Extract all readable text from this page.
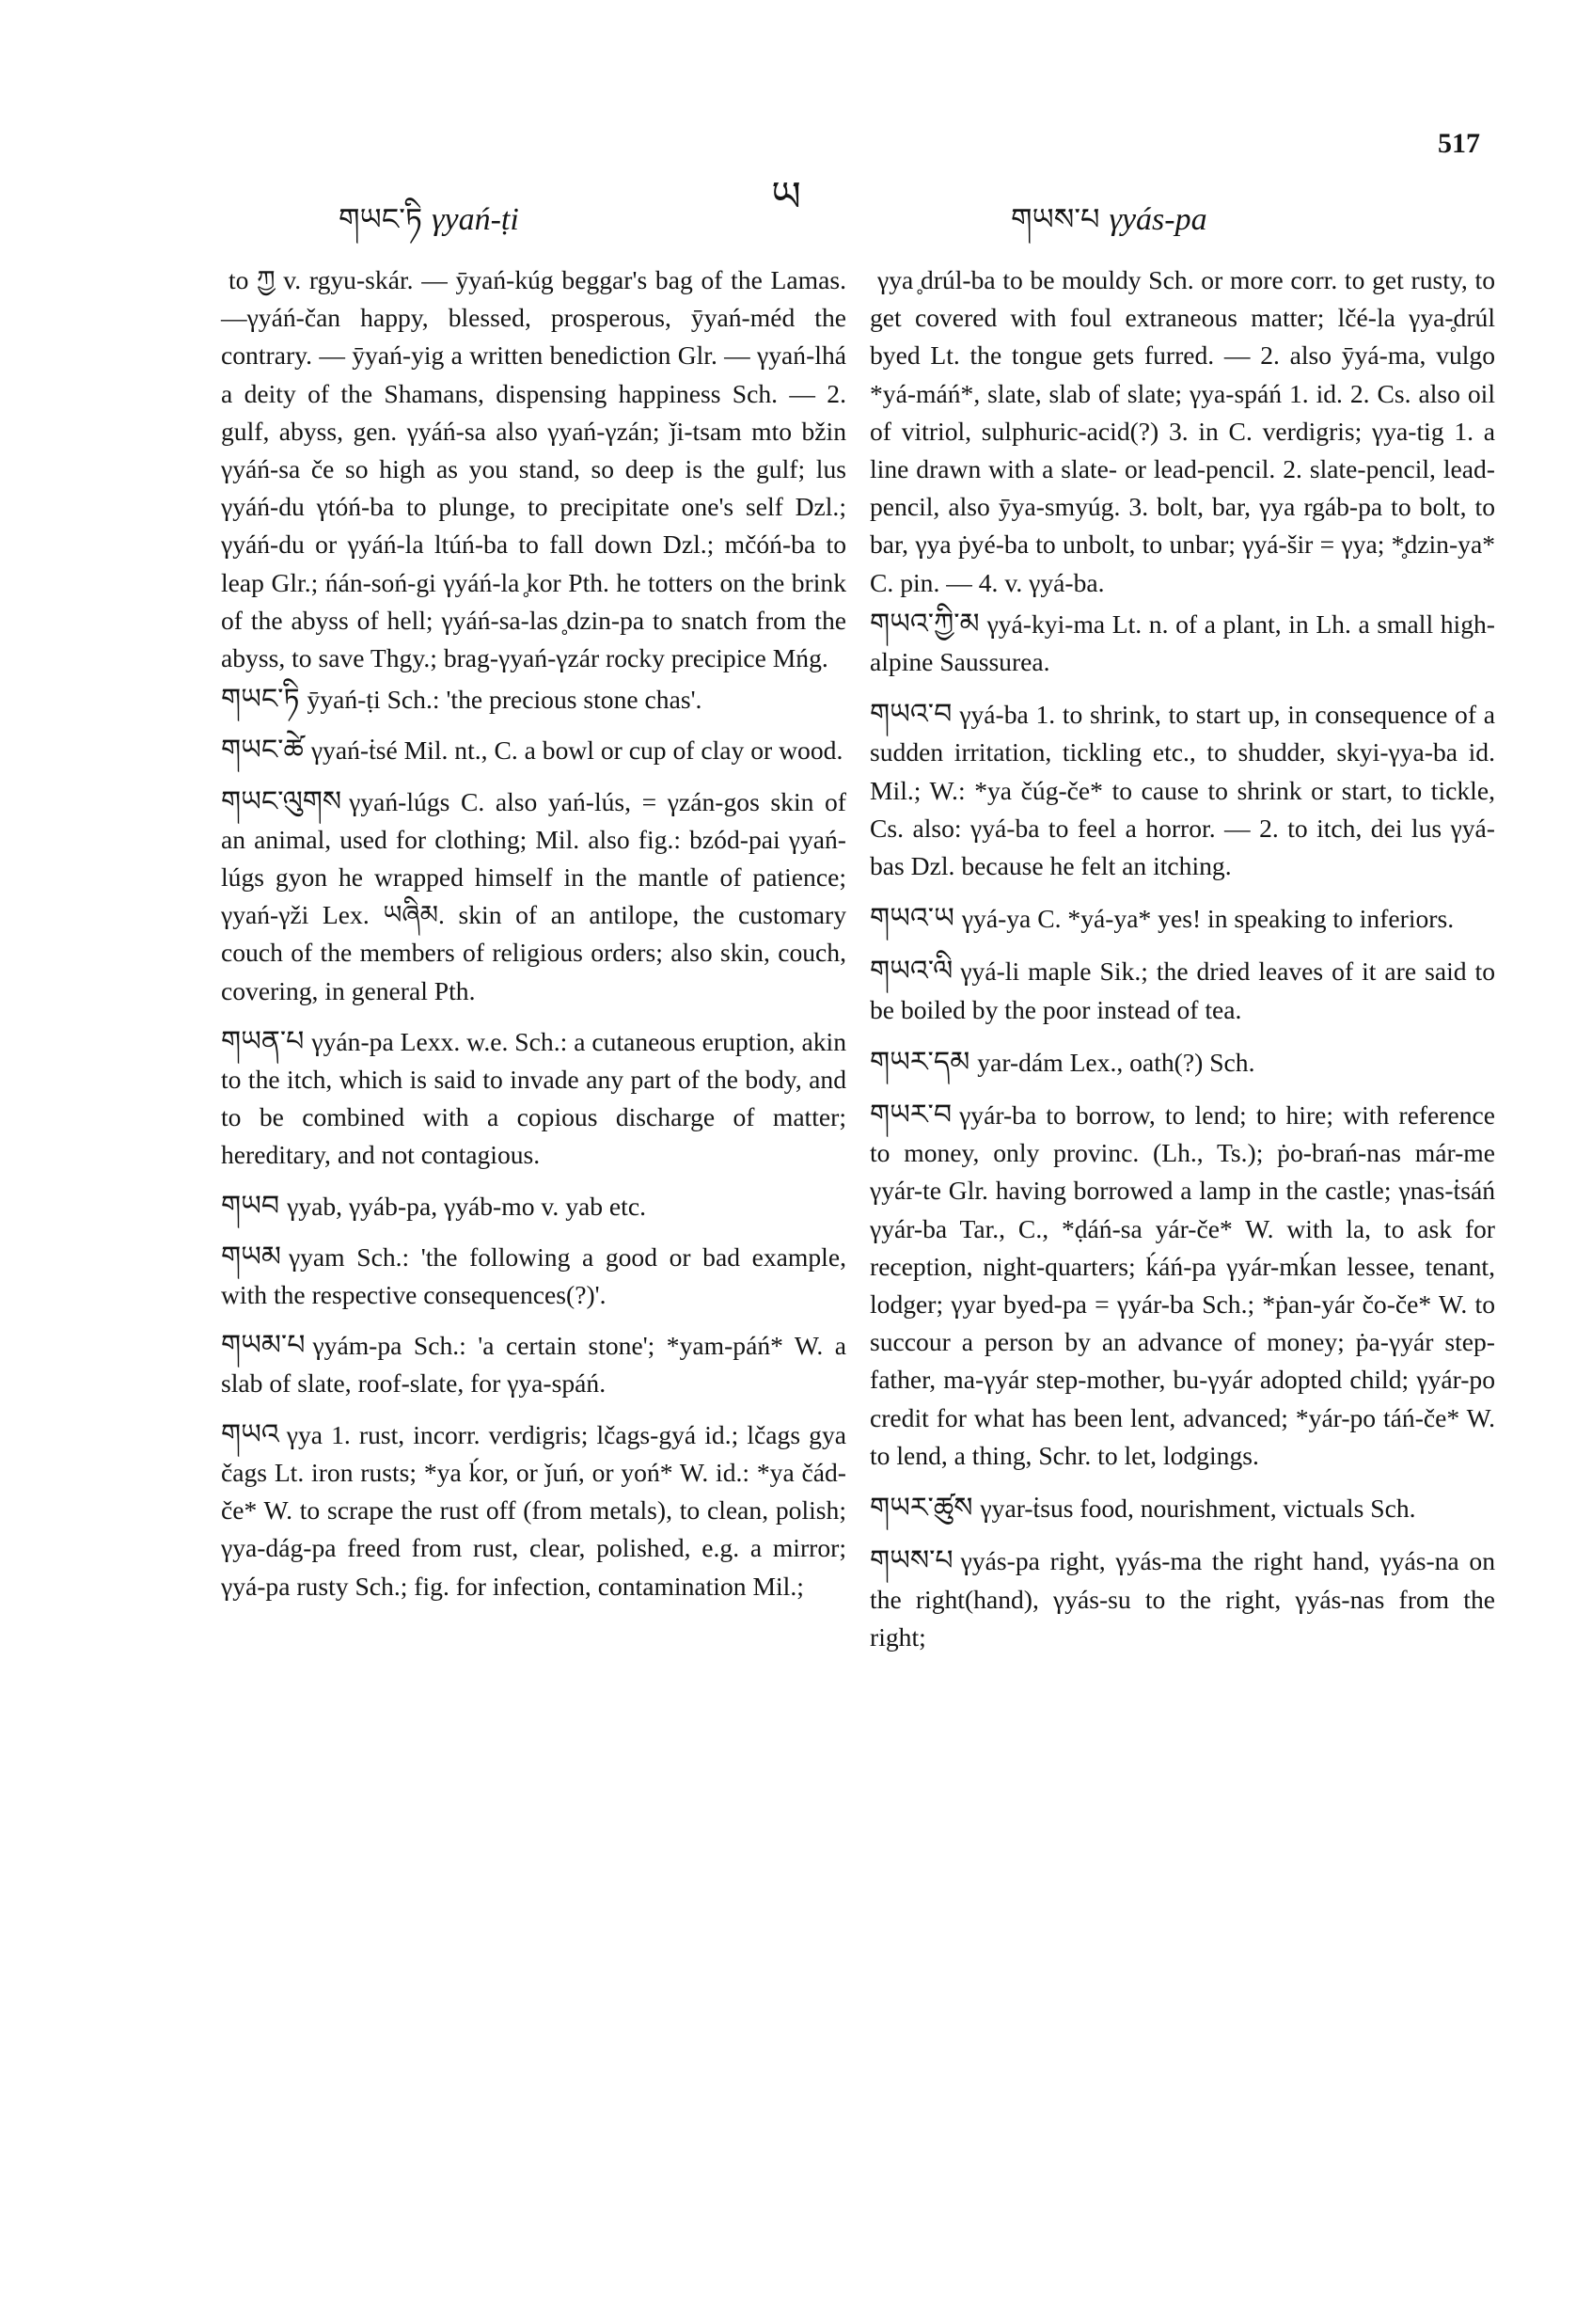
517
ཡ
གཡང་ཏི γyań-ṭi	གཡས་པ γyás-pa

to ཀྱ v. rgyu-skár. — ӯyań-kúg beggar's bag of the Lamas. —γyáń-čan happy, blessed, prosperous, ӯyań-méd the contrary. — ӯyań-yig a written benediction Glr. — γyań-lhá a deity of the Shamans, dispensing happiness Sch. — 2. gulf, abyss, gen. γyáń-sa also γyań-γzán; ǰi-tsam mto bžin γyáń-sa če so high as you stand, so deep is the gulf; lus γyáń-du γtóń-ba to plunge, to precipitate one's self Dzl.; γyáń-du or γyáń-la ltúń-ba to fall down Dzl.; mčóń-ba to leap Glr.; ńán-soń-gi γyáń-la ̥kor Pth. he totters on the brink of the abyss of hell; γyáń-sa-las ̥dzin-pa to snatch from the abyss, to save Thgy.; brag-γyań-γzár rocky precipice Mńg.

གཡང་ཏི ӯyań-ṭi Sch.: 'the precious stone chas'.

གཡང་ཚེ γyań-ṫsé Mil. nt., C. a bowl or cup of clay or wood.

གཡང་ལུགས γyań-lúgs C. also yań-lús, = γzán-gos skin of an animal, used for clothing; Mil. also fig.: bzód-pai γyań-lúgs gyon he wrapped himself in the mantle of patience; γyań-γži Lex. ཡཞིམ. skin of an antilope, the customary couch of the members of religious orders; also skin, couch, covering, in general Pth.

གཡན་པ γyán-pa Lexx. w.e. Sch.: a cutaneous eruption, akin to the itch, which is said to invade any part of the body, and to be combined with a copious discharge of matter; hereditary, and not contagious.

གཡབ γyab, γyáb-pa, γyáb-mo v. yab etc.

གཡམ γyam Sch.: 'the following a good or bad example, with the respective consequences(?)'.

གཡམ་པ γyám-pa Sch.: 'a certain stone'; *yam-páń* W. a slab of slate, roof-slate, for γya-spáń.

གཡའ γya 1. rust, incorr. verdigris; lčags-gyá id.; lčags gya čags Lt. iron rusts; *ya ḱor, or ǰuń, or yoń* W. id.: *ya čád-če* W. to scrape the rust off (from metals), to clean, polish; γya-dág-pa freed from rust, clear, polished, e.g. a mirror; γyá-pa rusty Sch.; fig. for infection, contamination Mil.;

γya ̥drúl-ba to be mouldy Sch. or more corr. to get rusty, to get covered with foul extraneous matter; lčé-la γya-̥drúl byed Lt. the tongue gets furred. — 2. also ӯyá-ma, vulgo *yá-máń*, slate, slab of slate; γya-spáń 1. id. 2. Cs. also oil of vitriol, sulphuric-acid(?) 3. in C. verdigris; γya-tig 1. a line drawn with a slate- or lead-pencil. 2. slate-pencil, lead-pencil, also ӯya-smyúg. 3. bolt, bar, γya rgáb-pa to bolt, to bar, γya ṗyé-ba to unbolt, to unbar; γyá-šir = γya; *̥dzin-ya* C. pin. — 4. v. γyá-ba.

གཡའ་ཀྱི་མ γyá-kyi-ma Lt. n. of a plant, in Lh. a small high-alpine Saussurea.

གཡའ་བ γyá-ba 1. to shrink, to start up, in consequence of a sudden irritation, tickling etc., to shudder, skyi-γya-ba id. Mil.; W.: *ya čúg-če* to cause to shrink or start, to tickle, Cs. also: γyá-ba to feel a horror. — 2. to itch, dei lus γyá-bas Dzl. because he felt an itching.

གཡའ་ཡ γyá-ya C. *yá-ya* yes! in speaking to inferiors.

གཡའ་ལི γyá-li maple Sik.; the dried leaves of it are said to be boiled by the poor instead of tea.

གཡར་དམ yar-dám Lex., oath(?) Sch.

གཡར་བ γyár-ba to borrow, to lend; to hire; with reference to money, only provinc. (Lh., Ts.); ṗo-brań-nas már-me γyár-te Glr. having borrowed a lamp in the castle; γnas-ṫsáń γyár-ba Tar., C., *ḍáń-sa yár-če* W. with la, to ask for reception, night-quarters; ḱáń-pa γyár-mḱan lessee, tenant, lodger; γyar byed-pa = γyár-ba Sch.; *ṗan-yár čo-če* W. to succour a person by an advance of money; ṗa-γyár step-father, ma-γyár step-mother, bu-γyár adopted child; γyár-po credit for what has been lent, advanced; *yár-po táń-če* W. to lend, a thing, Schr. to let, lodgings.

གཡར་ཚུས γyar-ṫsus food, nourishment, victuals Sch.

གཡས་པ γyás-pa right, γyás-ma the right hand, γyás-na on the right(hand), γyás-su to the right, γyás-nas from the right;
